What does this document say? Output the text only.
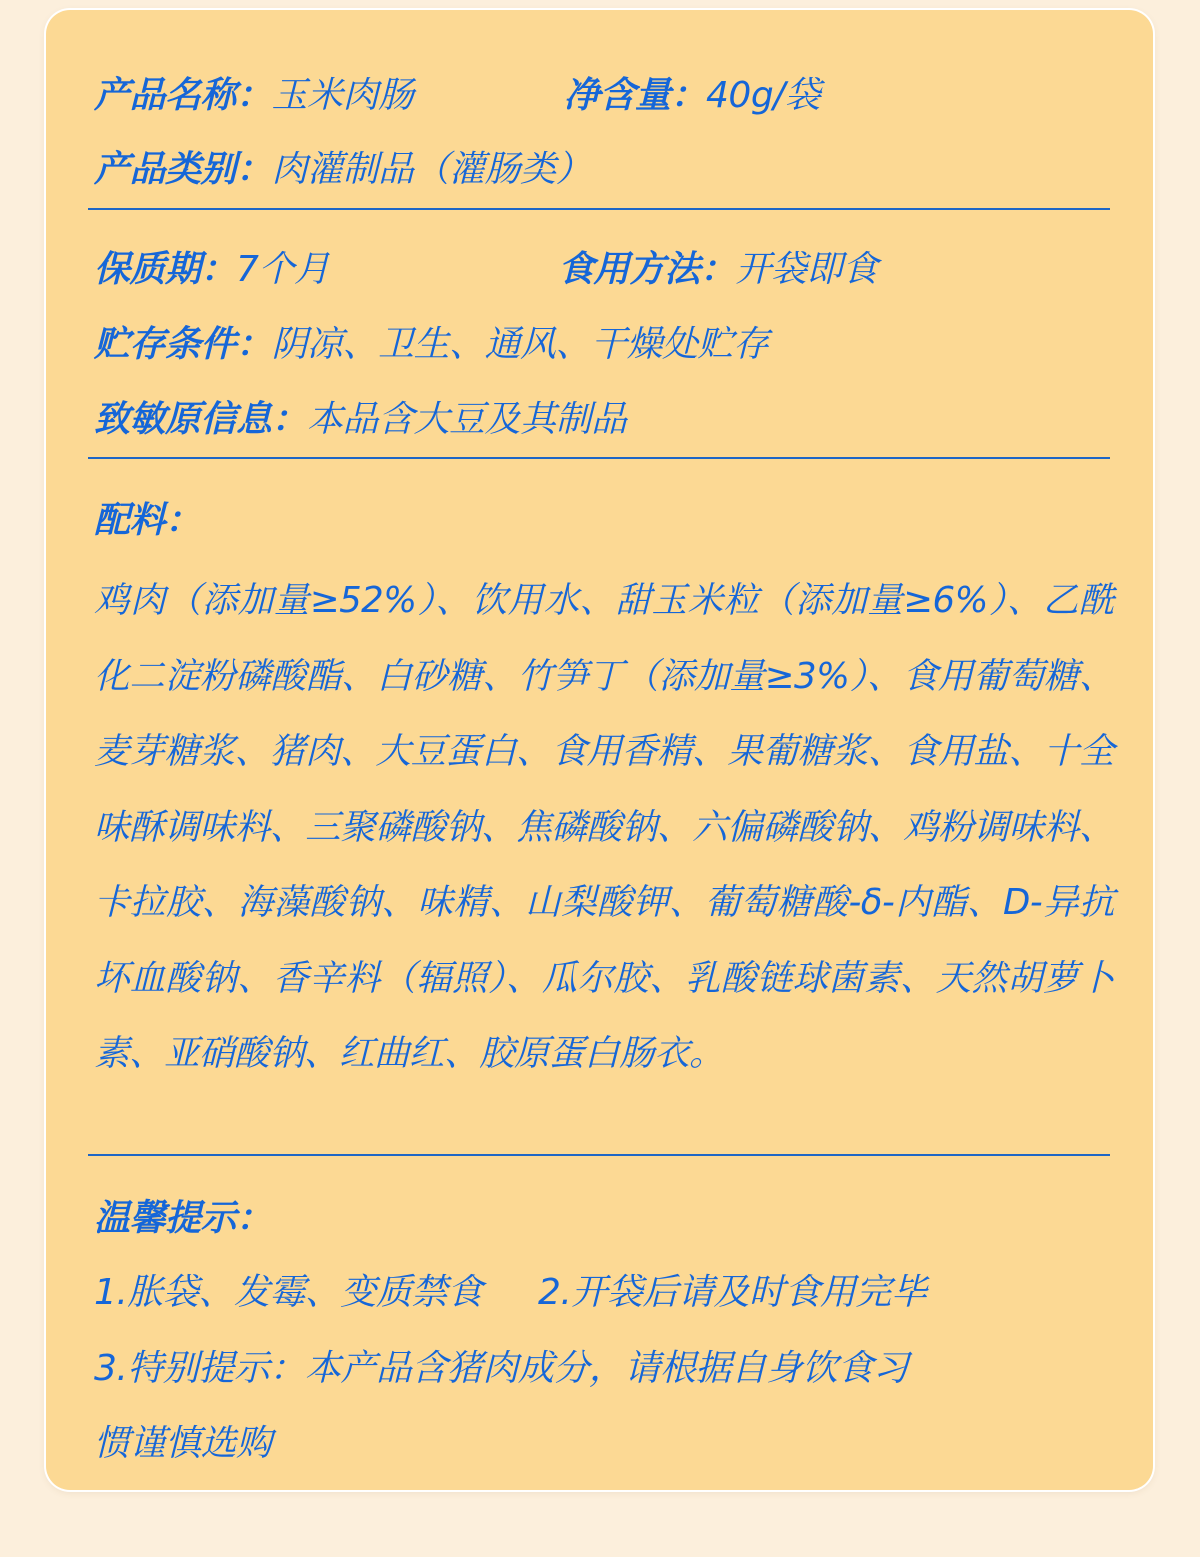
产品名称：玉米肉肠	净含量：40g/袋
产品类别：肉灌制品（灌肠类）
保质期：7个月	食用方法：开袋即食
贮存条件：阴凉、卫生、通风、干燥处贮存
致敏原信息：本品含大豆及其制品
配料：
鸡肉（添加量≥52%）、饮用水、甜玉米粒（添加量≥6%）、乙酰化二淀粉磷酸酯、白砂糖、竹笋丁（添加量≥3%）、食用葡萄糖、麦芽糖浆、猪肉、大豆蛋白、食用香精、果葡糖浆、食用盐、十全味酥调味料、三聚磷酸钠、焦磷酸钠、六偏磷酸钠、鸡粉调味料、卡拉胶、海藻酸钠、味精、山梨酸钾、葡萄糖酸-δ-内酯、D-异抗坏血酸钠、香辛料（辐照）、瓜尔胶、乳酸链球菌素、天然胡萝卜素、亚硝酸钠、红曲红、胶原蛋白肠衣。
温馨提示：
1.胀袋、发霉、变质禁食 2.开袋后请及时食用完毕
3.特别提示：本产品含猪肉成分，请根据自身饮食习
惯谨慎选购
